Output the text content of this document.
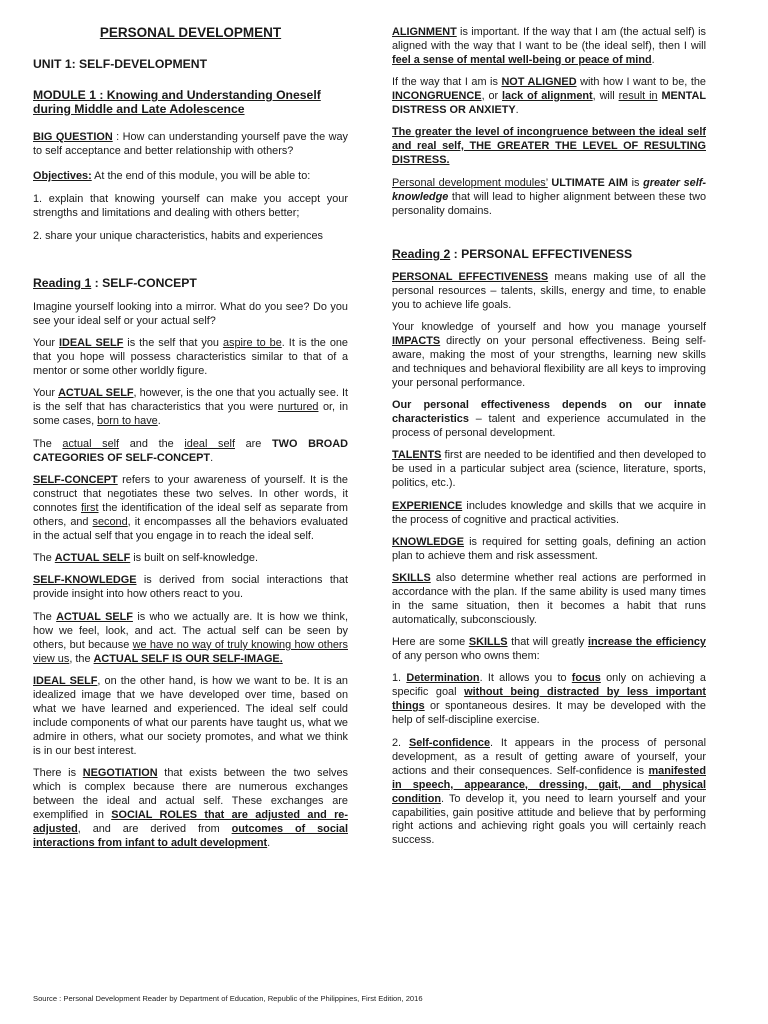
PERSONAL DEVELOPMENT
UNIT 1: SELF-DEVELOPMENT
MODULE 1 : Knowing and Understanding Oneself during Middle and Late Adolescence

BIG QUESTION : How can understanding yourself pave the way to self acceptance and better relationship with others?

Objectives: At the end of this module, you will be able to:

1. explain that knowing yourself can make you accept your strengths and limitations and dealing with others better;

2. share your unique characteristics, habits and experiences

Reading 1 : SELF-CONCEPT

Imagine yourself looking into a mirror. What do you see? Do you see your ideal self or your actual self?

Your IDEAL SELF is the self that you aspire to be. It is the one that you hope will possess characteristics similar to that of a mentor or some other worldly figure.

Your ACTUAL SELF, however, is the one that you actually see. It is the self that has characteristics that you were nurtured or, in some cases, born to have.

The actual self and the ideal self are TWO BROAD CATEGORIES OF SELF-CONCEPT.

SELF-CONCEPT refers to your awareness of yourself. It is the construct that negotiates these two selves. In other words, it connotes first the identification of the ideal self as separate from others, and second, it encompasses all the behaviors evaluated in the actual self that you engage in to reach the ideal self.

The ACTUAL SELF is built on self-knowledge.

SELF-KNOWLEDGE is derived from social interactions that provide insight into how others react to you.

The ACTUAL SELF is who we actually are. It is how we think, how we feel, look, and act. The actual self can be seen by others, but because we have no way of truly knowing how others view us, the ACTUAL SELF IS OUR SELF-IMAGE.

IDEAL SELF, on the other hand, is how we want to be. It is an idealized image that we have developed over time, based on what we have learned and experienced. The ideal self could include components of what our parents have taught us, what we admire in others, what our society promotes, and what we think is in our best interest.

There is NEGOTIATION that exists between the two selves which is complex because there are numerous exchanges between the ideal and actual self. These exchanges are exemplified in SOCIAL ROLES that are adjusted and re-adjusted, and are derived from outcomes of social interactions from infant to adult development.

ALIGNMENT is important. If the way that I am (the actual self) is aligned with the way that I want to be (the ideal self), then I will feel a sense of mental well-being or peace of mind.

If the way that I am is NOT ALIGNED with how I want to be, the INCONGRUENCE, or lack of alignment, will result in MENTAL DISTRESS OR ANXIETY.

The greater the level of incongruence between the ideal self and real self, THE GREATER THE LEVEL OF RESULTING DISTRESS.

Personal development modules’ ULTIMATE AIM is greater self-knowledge that will lead to higher alignment between these two personality domains.

Reading 2 : PERSONAL EFFECTIVENESS

PERSONAL EFFECTIVENESS means making use of all the personal resources – talents, skills, energy and time, to enable you to achieve life goals.

Your knowledge of yourself and how you manage yourself IMPACTS directly on your personal effectiveness. Being self-aware, making the most of your strengths, learning new skills and techniques and behavioral flexibility are all keys to improving your personal performance.

Our personal effectiveness depends on our innate characteristics – talent and experience accumulated in the process of personal development.

TALENTS first are needed to be identified and then developed to be used in a particular subject area (science, literature, sports, politics, etc.).

EXPERIENCE includes knowledge and skills that we acquire in the process of cognitive and practical activities.

KNOWLEDGE is required for setting goals, defining an action plan to achieve them and risk assessment.

SKILLS also determine whether real actions are performed in accordance with the plan. If the same ability is used many times in the same situation, then it becomes a habit that runs automatically, subconsciously.

Here are some SKILLS that will greatly increase the efficiency of any person who owns them:

1. Determination. It allows you to focus only on achieving a specific goal without being distracted by less important things or spontaneous desires. It may be developed with the help of self-discipline exercise.

2. Self-confidence. It appears in the process of personal development, as a result of getting aware of yourself, your actions and their consequences. Self-confidence is manifested in speech, appearance, dressing, gait, and physical condition. To develop it, you need to learn yourself and your capabilities, gain positive attitude and believe that by performing right actions and achieving right goals you will certainly reach success.

Source : Personal Development Reader by Department of Education, Republic of the Philippines, First Edition, 2016
